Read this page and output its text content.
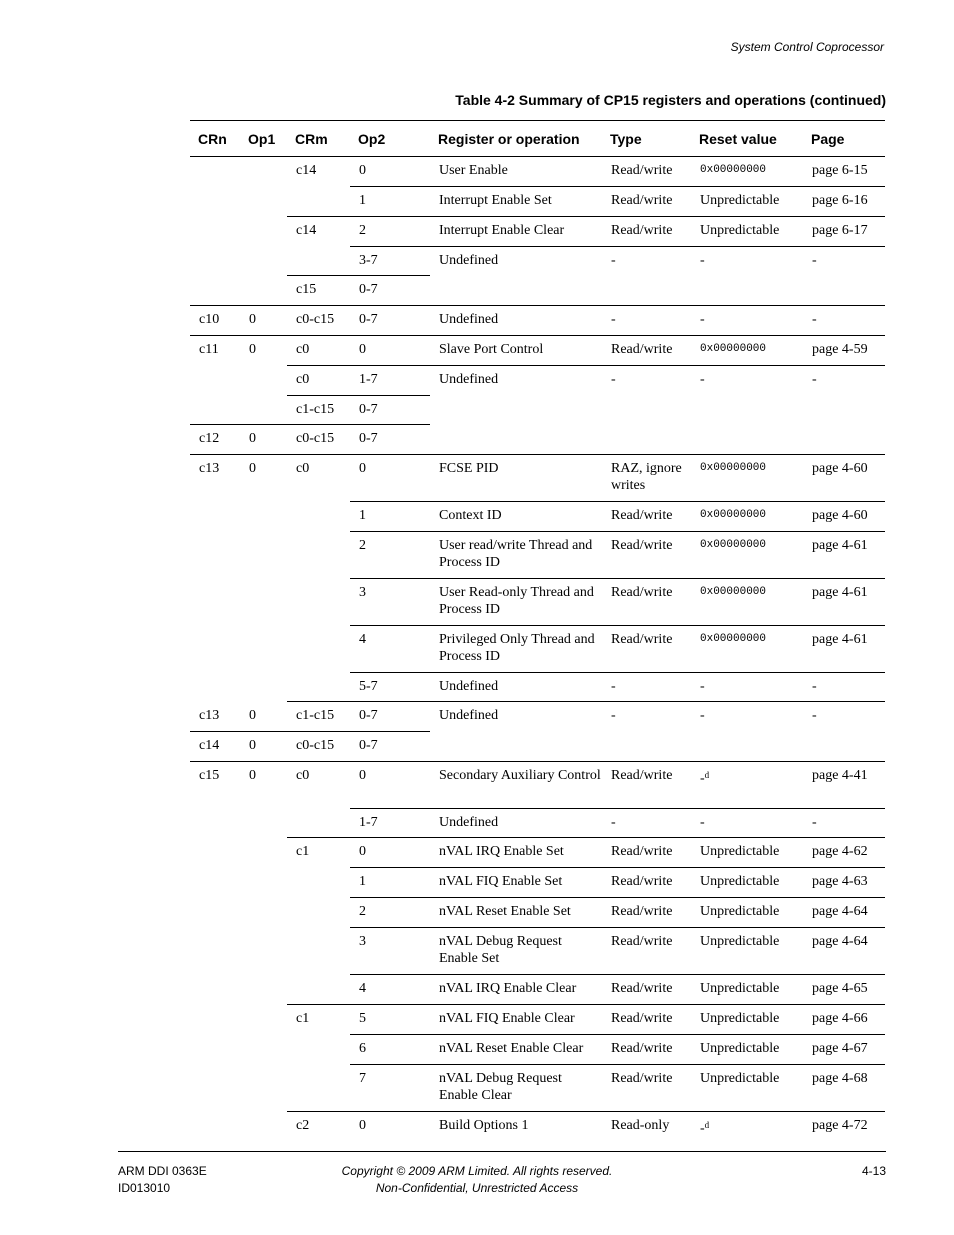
System Control Coprocessor
Table 4-2 Summary of CP15 registers and operations (continued)
CRn	Op1	CRm	Op2	Register or operation	Type	Reset value	Page
		c14	0	User Enable	Read/write	0x00000000	page 6-15
			1	Interrupt Enable Set	Read/write	Unpredictable	page 6-16
		c14	2	Interrupt Enable Clear	Read/write	Unpredictable	page 6-17
			3-7	Undefined	-	-	-
		c15	0-7				
c10	0	c0-c15	0-7	Undefined	-	-	-
c11	0	c0	0	Slave Port Control	Read/write	0x00000000	page 4-59
		c0	1-7	Undefined	-	-	-
		c1-c15	0-7				
c12	0	c0-c15	0-7				
c13	0	c0	0	FCSE PID	RAZ, ignore writes	0x00000000	page 4-60
			1	Context ID	Read/write	0x00000000	page 4-60
			2	User read/write Thread and Process ID	Read/write	0x00000000	page 4-61
			3	User Read-only Thread and Process ID	Read/write	0x00000000	page 4-61
			4	Privileged Only Thread and Process ID	Read/write	0x00000000	page 4-61
			5-7	Undefined	-	-	-
c13	0	c1-c15	0-7	Undefined	-	-	-
c14	0	c0-c15	0-7				
c15	0	c0	0	Secondary Auxiliary Control	Read/write	-$^d$	page 4-41
			1-7	Undefined	-	-	-
		c1	0	nVAL IRQ Enable Set	Read/write	Unpredictable	page 4-62
			1	nVAL FIQ Enable Set	Read/write	Unpredictable	page 4-63
			2	nVAL Reset Enable Set	Read/write	Unpredictable	page 4-64
			3	nVAL Debug Request Enable Set	Read/write	Unpredictable	page 4-64
			4	nVAL IRQ Enable Clear	Read/write	Unpredictable	page 4-65
		c1	5	nVAL FIQ Enable Clear	Read/write	Unpredictable	page 4-66
			6	nVAL Reset Enable Clear	Read/write	Unpredictable	page 4-67
			7	nVAL Debug Request Enable Clear	Read/write	Unpredictable	page 4-68
		c2	0	Build Options 1	Read-only	-$^d$	page 4-72
ARM DDI 0363E
ID013010
Copyright © 2009 ARM Limited. All rights reserved.
Non-Confidential, Unrestricted Access
4-13
